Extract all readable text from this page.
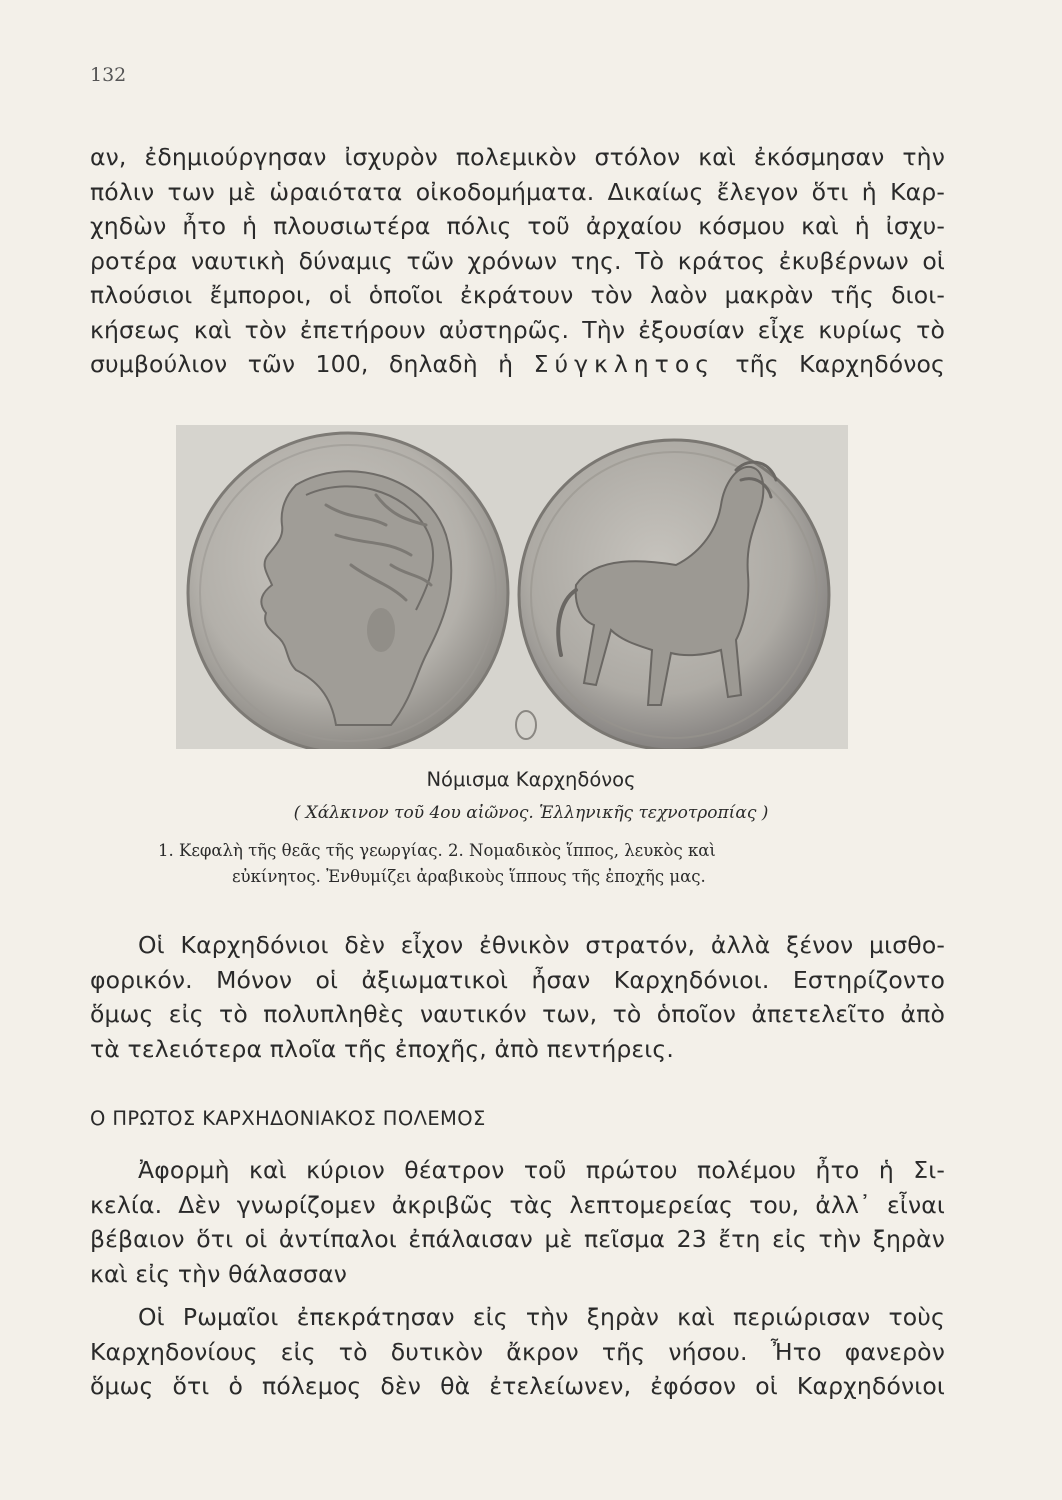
132
αν, ἐδημιούργησαν ἰσχυρὸν πολεμικὸν στόλον καὶ ἐκόσμησαν τὴν
πόλιν των μὲ ὡραιότατα οἰκοδομήματα. Δικαίως ἔλεγον ὅτι ἡ Καρ-
χηδὼν ἦτο ἡ πλουσιωτέρα πόλις τοῦ ἀρχαίου κόσμου καὶ ἡ ἰσχυ-
ροτέρα ναυτικὴ δύναμις τῶν χρόνων της. Τὸ κράτος ἐκυβέρνων οἱ
πλούσιοι ἔμποροι, οἱ ὁποῖοι ἐκράτουν τὸν λαὸν μακρὰν τῆς διοι-
κήσεως καὶ τὸν ἐπετήρουν αὐστηρῶς. Τὴν ἐξουσίαν εἶχε κυρίως τὸ
συμβούλιον τῶν 100, δηλαδὴ ἡ Σύγκλητος τῆς Καρχηδόνος
Νόμισμα Καρχηδόνος
( Χάλκινον τοῦ 4ου αἰῶνος. Ἑλληνικῆς τεχνοτροπίας )
1. Κεφαλὴ τῆς θεᾶς τῆς γεωργίας. 2. Νομαδικὸς ἵππος, λευκὸς καὶ
εὐκίνητος. Ἐνθυμίζει ἀραβικοὺς ἵππους τῆς ἐποχῆς μας.
Οἱ Καρχηδόνιοι δὲν εἶχον ἐθνικὸν στρατόν, ἀλλὰ ξένον μισθο-
φορικόν. Μόνον οἱ ἀξιωματικοὶ ἦσαν Καρχηδόνιοι. Εστηρίζοντο
ὅμως εἰς τὸ πολυπληθὲς ναυτικόν των, τὸ ὁποῖον ἀπετελεῖτο ἀπὸ
τὰ τελειότερα πλοῖα τῆς ἐποχῆς, ἀπὸ πεντήρεις.
Ο ΠΡΩΤΟΣ ΚΑΡΧΗΔΟΝΙΑΚΟΣ ΠΟΛΕΜΟΣ
Ἀφορμὴ καὶ κύριον θέατρον τοῦ πρώτου πολέμου ἦτο ἡ Σι-
κελία. Δὲν γνωρίζομεν ἀκριβῶς τὰς λεπτομερείας του, ἀλλ᾽ εἶναι
βέβαιον ὅτι οἱ ἀντίπαλοι ἐπάλαισαν μὲ πεῖσμα 23 ἔτη εἰς τὴν ξηρὰν
καὶ εἰς τὴν θάλασσαν
Οἱ Ρωμαῖοι ἐπεκράτησαν εἰς τὴν ξηρὰν καὶ περιώρισαν τοὺς
Καρχηδονίους εἰς τὸ δυτικὸν ἄκρον τῆς νήσου. Ἦτο φανερὸν
ὅμως ὅτι ὁ πόλεμος δὲν θὰ ἐτελείωνεν, ἐφόσον οἱ Καρχηδόνιοι
